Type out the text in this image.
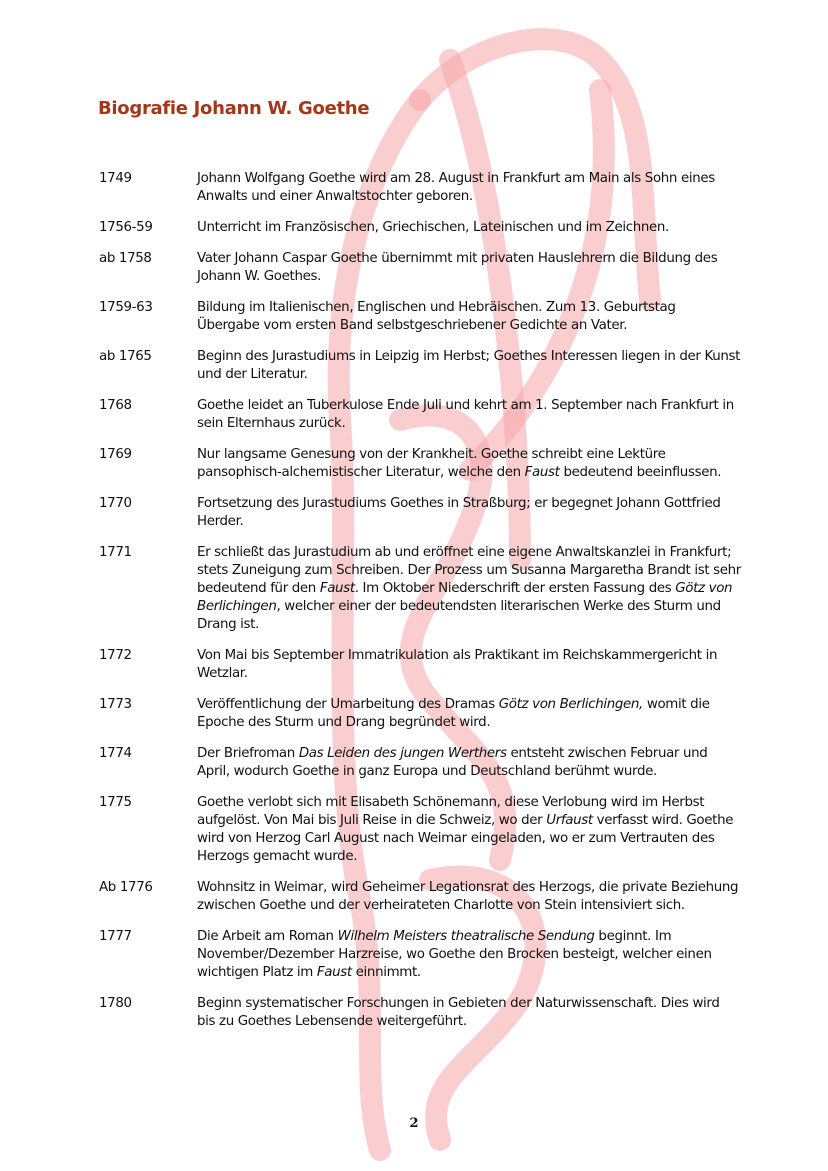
Biografie Johann W. Goethe
1749	Johann Wolfgang Goethe wird am 28. August in Frankfurt am Main als Sohn eines Anwalts und einer Anwaltstochter geboren.
1756-59	Unterricht im Französischen, Griechischen, Lateinischen und im Zeichnen.
ab 1758	Vater Johann Caspar Goethe übernimmt mit privaten Hauslehrern die Bildung des Johann W. Goethes.
1759-63	Bildung im Italienischen, Englischen und Hebräischen. Zum 13. Geburtstag Übergabe vom ersten Band selbstgeschriebener Gedichte an Vater.
ab 1765	Beginn des Jurastudiums in Leipzig im Herbst; Goethes Interessen liegen in der Kunst und der Literatur.
1768	Goethe leidet an Tuberkulose Ende Juli und kehrt am 1. September nach Frankfurt in sein Elternhaus zurück.
1769	Nur langsame Genesung von der Krankheit. Goethe schreibt eine Lektüre pansophisch-alchemistischer Literatur, welche den Faust bedeutend beeinflussen.
1770	Fortsetzung des Jurastudiums Goethes in Straßburg; er begegnet Johann Gottfried Herder.
1771	Er schließt das Jurastudium ab und eröffnet eine eigene Anwaltskanzlei in Frankfurt; stets Zuneigung zum Schreiben. Der Prozess um Susanna Margaretha Brandt ist sehr bedeutend für den Faust. Im Oktober Niederschrift der ersten Fassung des Götz von Berlichingen, welcher einer der bedeutendsten literarischen Werke des Sturm und Drang ist.
1772	Von Mai bis September Immatrikulation als Praktikant im Reichskammergericht in Wetzlar.
1773	Veröffentlichung der Umarbeitung des Dramas Götz von Berlichingen, womit die Epoche des Sturm und Drang begründet wird.
1774	Der Briefroman Das Leiden des jungen Werthers entsteht zwischen Februar und April, wodurch Goethe in ganz Europa und Deutschland berühmt wurde.
1775	Goethe verlobt sich mit Elisabeth Schönemann, diese Verlobung wird im Herbst aufgelöst. Von Mai bis Juli Reise in die Schweiz, wo der Urfaust verfasst wird. Goethe wird von Herzog Carl August nach Weimar eingeladen, wo er zum Vertrauten des Herzogs gemacht wurde.
Ab 1776	Wohnsitz in Weimar, wird Geheimer Legationsrat des Herzogs, die private Beziehung zwischen Goethe und der verheirateten Charlotte von Stein intensiviert sich.
1777	Die Arbeit am Roman Wilhelm Meisters theatralische Sendung beginnt. Im November/Dezember Harzreise, wo Goethe den Brocken besteigt, welcher einen wichtigen Platz im Faust einnimmt.
1780	Beginn systematischer Forschungen in Gebieten der Naturwissenschaft. Dies wird bis zu Goethes Lebensende weitergeführt.
2
